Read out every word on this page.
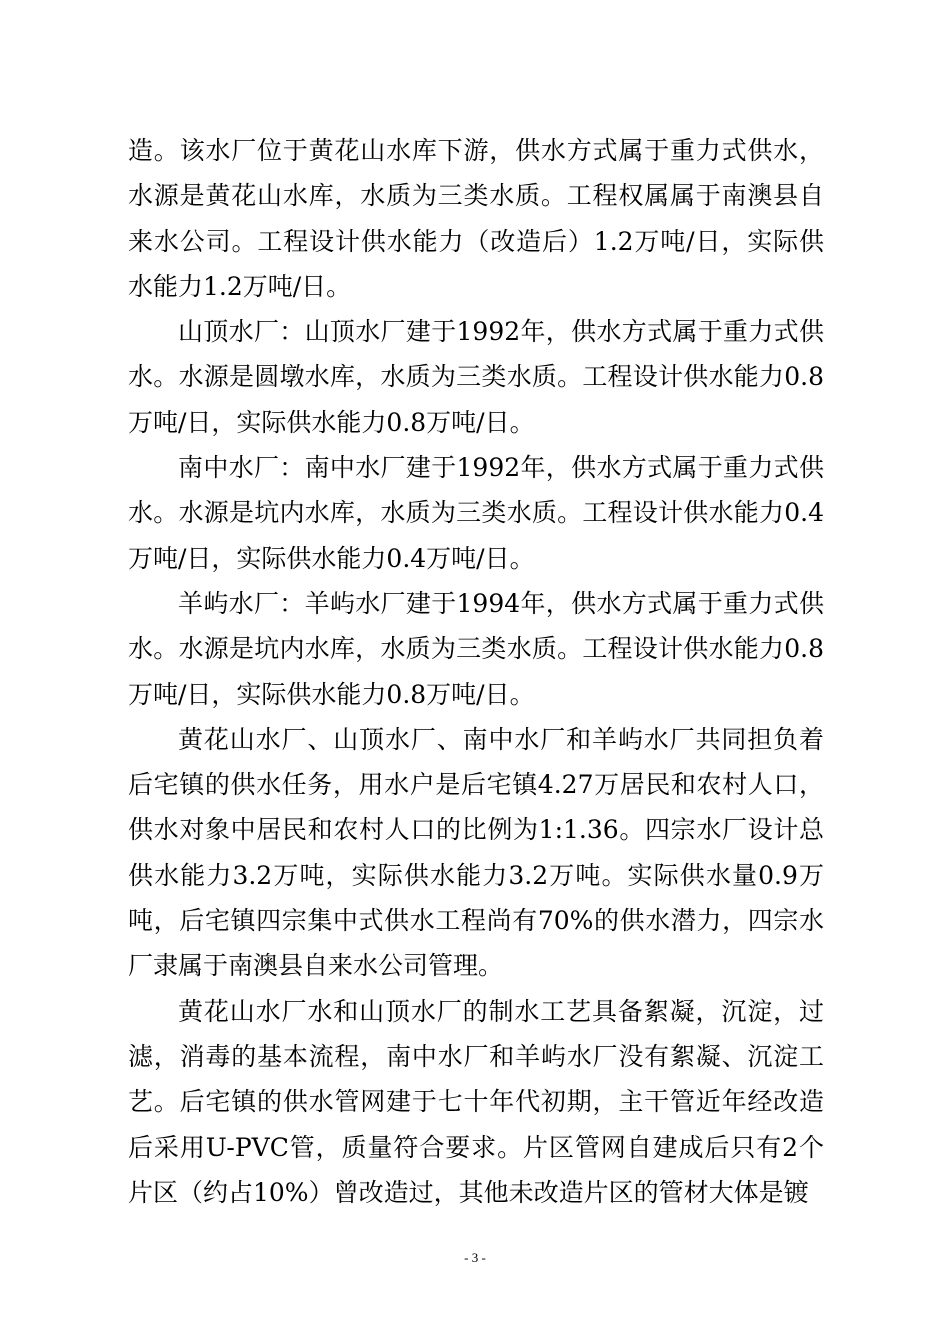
造。该水厂位于黄花山水库下游，供水方式属于重力式供水，水源是黄花山水库，水质为三类水质。工程权属属于南澳县自来水公司。工程设计供水能力（改造后）1.2万吨/日，实际供水能力1.2万吨/日。

山顶水厂：山顶水厂建于1992年，供水方式属于重力式供水。水源是圆墩水库，水质为三类水质。工程设计供水能力0.8万吨/日，实际供水能力0.8万吨/日。

南中水厂：南中水厂建于1992年，供水方式属于重力式供水。水源是坑内水库，水质为三类水质。工程设计供水能力0.4万吨/日，实际供水能力0.4万吨/日。

羊屿水厂：羊屿水厂建于1994年，供水方式属于重力式供水。水源是坑内水库，水质为三类水质。工程设计供水能力0.8万吨/日，实际供水能力0.8万吨/日。

黄花山水厂、山顶水厂、南中水厂和羊屿水厂共同担负着后宅镇的供水任务，用水户是后宅镇4.27万居民和农村人口，供水对象中居民和农村人口的比例为1:1.36。四宗水厂设计总供水能力3.2万吨，实际供水能力3.2万吨。实际供水量0.9万吨，后宅镇四宗集中式供水工程尚有70%的供水潜力，四宗水厂隶属于南澳县自来水公司管理。

黄花山水厂水和山顶水厂的制水工艺具备絮凝，沉淀，过滤，消毒的基本流程，南中水厂和羊屿水厂没有絮凝、沉淀工艺。后宅镇的供水管网建于七十年代初期，主干管近年经改造后采用U-PVC管，质量符合要求。片区管网自建成后只有2个片区（约占10%）曾改造过，其他未改造片区的管材大体是镀

- 3 -
